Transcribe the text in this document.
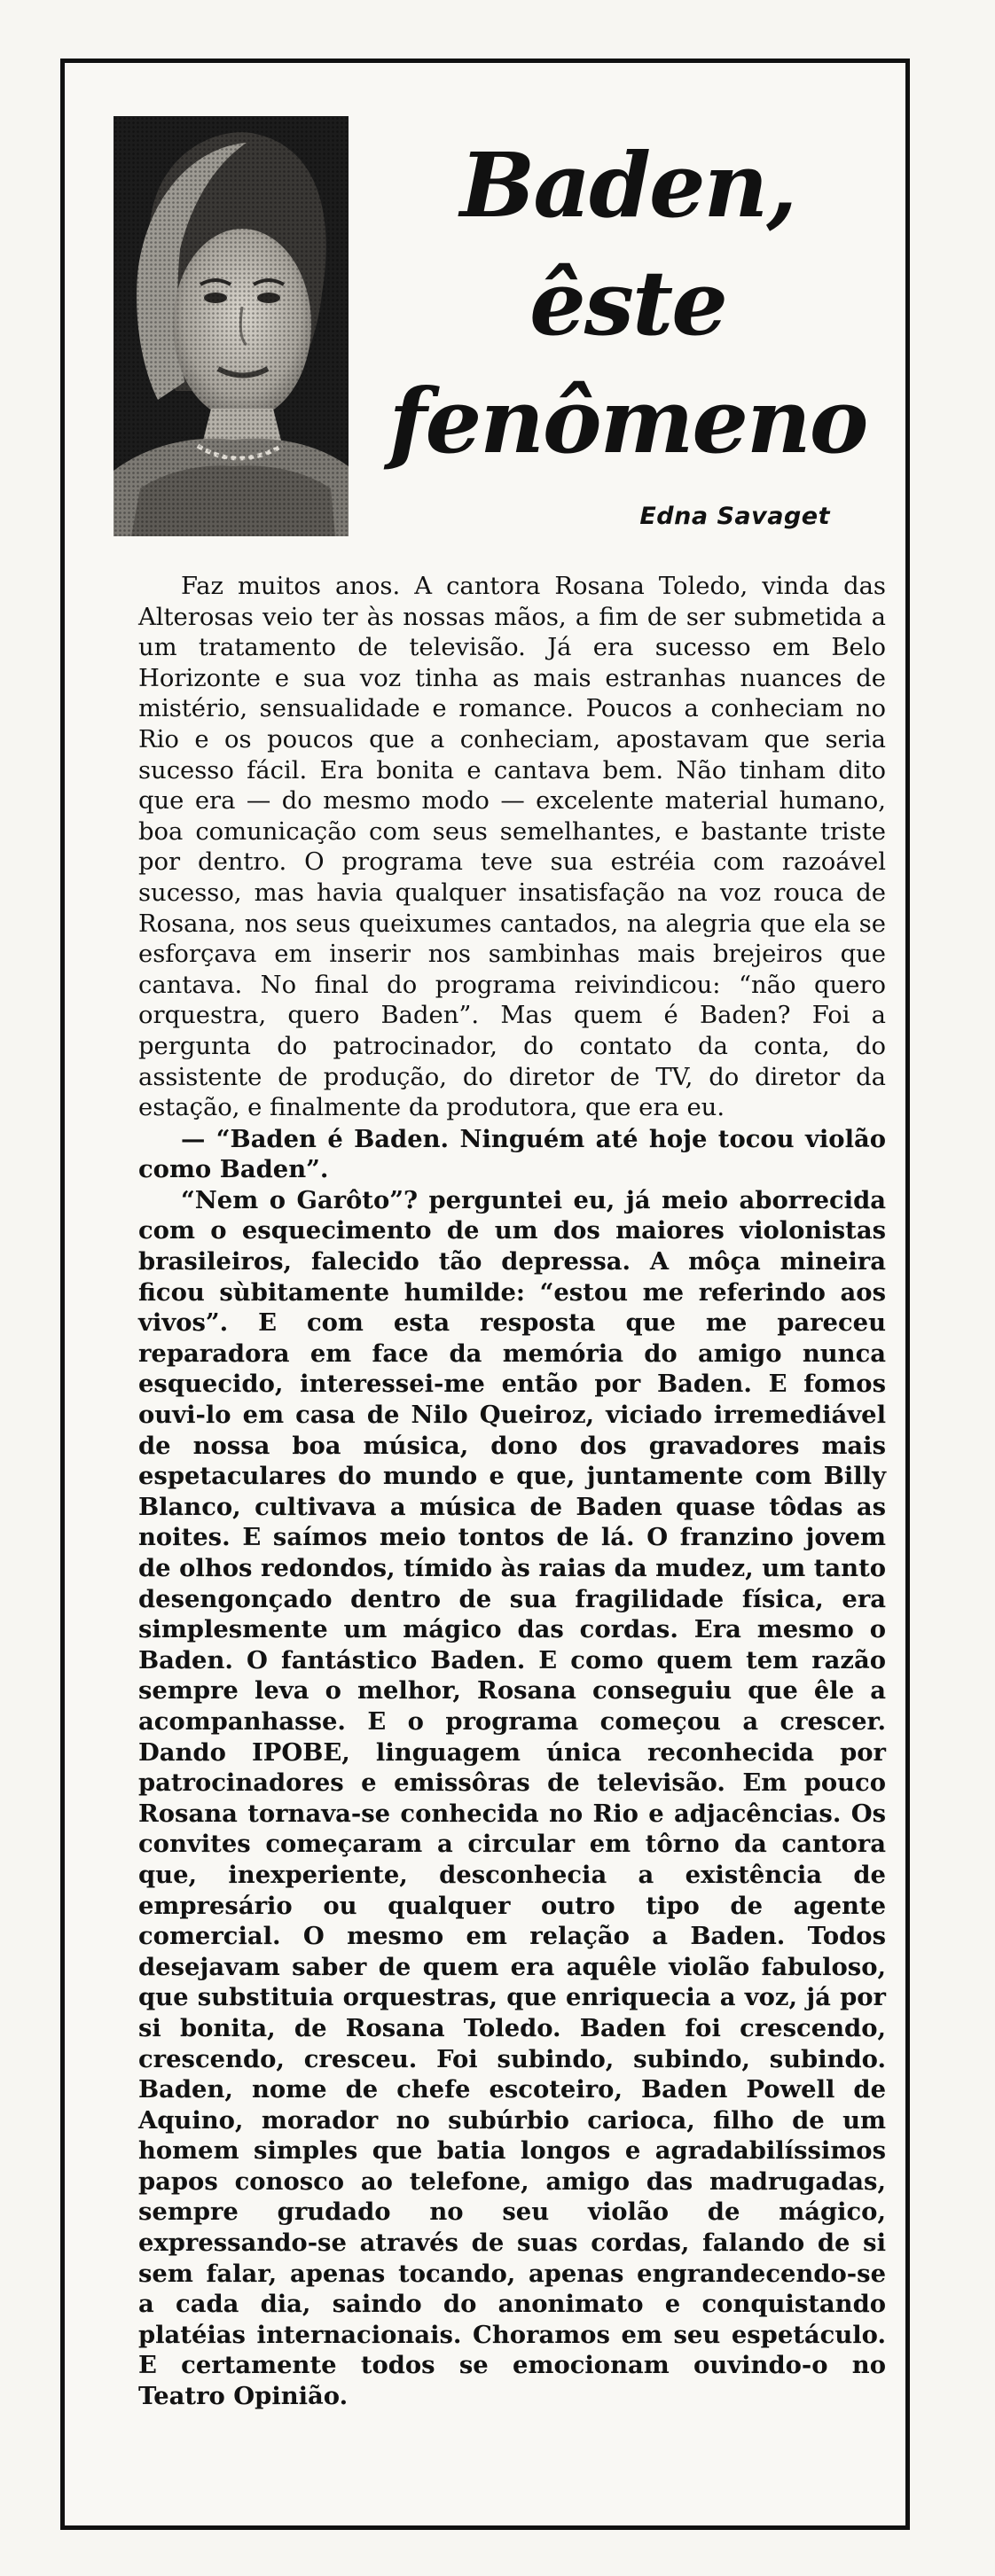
Baden,
êste
fenômeno
Edna Savaget

Faz muitos anos. A cantora Rosana Toledo, vinda das Alterosas veio ter às nossas mãos, a fim de ser submetida a um tratamento de televisão. Já era sucesso em Belo Horizonte e sua voz tinha as mais estranhas nuances de mistério, sensualidade e romance. Poucos a conheciam no Rio e os poucos que a conheciam, apostavam que seria sucesso fácil. Era bonita e cantava bem. Não tinham dito que era — do mesmo modo — excelente material humano, boa comunicação com seus semelhantes, e bastante triste por dentro. O programa teve sua estréia com razoável sucesso, mas havia qualquer insatisfação na voz rouca de Rosana, nos seus queixumes cantados, na alegria que ela se esforçava em inserir nos sambinhas mais brejeiros que cantava. No final do programa reivindicou: “não quero orquestra, quero Baden”. Mas quem é Baden? Foi a pergunta do patrocinador, do contato da conta, do assistente de produção, do diretor de TV, do diretor da estação, e finalmente da produtora, que era eu.

— “Baden é Baden. Ninguém até hoje tocou violão como Baden”.

“Nem o Garôto”? perguntei eu, já meio aborrecida com o esquecimento de um dos maiores violonistas brasileiros, falecido tão depressa. A môça mineira ficou sùbitamente humilde: “estou me referindo aos vivos”. E com esta resposta que me pareceu reparadora em face da memória do amigo nunca esquecido, interessei-me então por Baden. E fomos ouvi-lo em casa de Nilo Queiroz, viciado irremediável de nossa boa música, dono dos gravadores mais espetaculares do mundo e que, juntamente com Billy Blanco, cultivava a música de Baden quase tôdas as noites. E saímos meio tontos de lá. O franzino jovem de olhos redondos, tímido às raias da mudez, um tanto desengonçado dentro de sua fragilidade física, era simplesmente um mágico das cordas. Era mesmo o Baden. O fantástico Baden. E como quem tem razão sempre leva o melhor, Rosana conseguiu que êle a acompanhasse. E o programa começou a crescer. Dando IPOBE, linguagem única reconhecida por patrocinadores e emissôras de televisão. Em pouco Rosana tornava-se conhecida no Rio e adjacências. Os convites começaram a circular em tôrno da cantora que, inexperiente, desconhecia a existência de empresário ou qualquer outro tipo de agente comercial. O mesmo em relação a Baden. Todos desejavam saber de quem era aquêle violão fabuloso, que substituia orquestras, que enriquecia a voz, já por si bonita, de Rosana Toledo. Baden foi crescendo, crescendo, cresceu. Foi subindo, subindo, subindo. Baden, nome de chefe escoteiro, Baden Powell de Aquino, morador no subúrbio carioca, filho de um homem simples que batia longos e agradabilíssimos papos conosco ao telefone, amigo das madrugadas, sempre grudado no seu violão de mágico, expressando-se através de suas cordas, falando de si sem falar, apenas tocando, apenas engrandecendo-se a cada dia, saindo do anonimato e conquistando platéias internacionais. Choramos em seu espetáculo. E certamente todos se emocionam ouvindo-o no Teatro Opinião.
